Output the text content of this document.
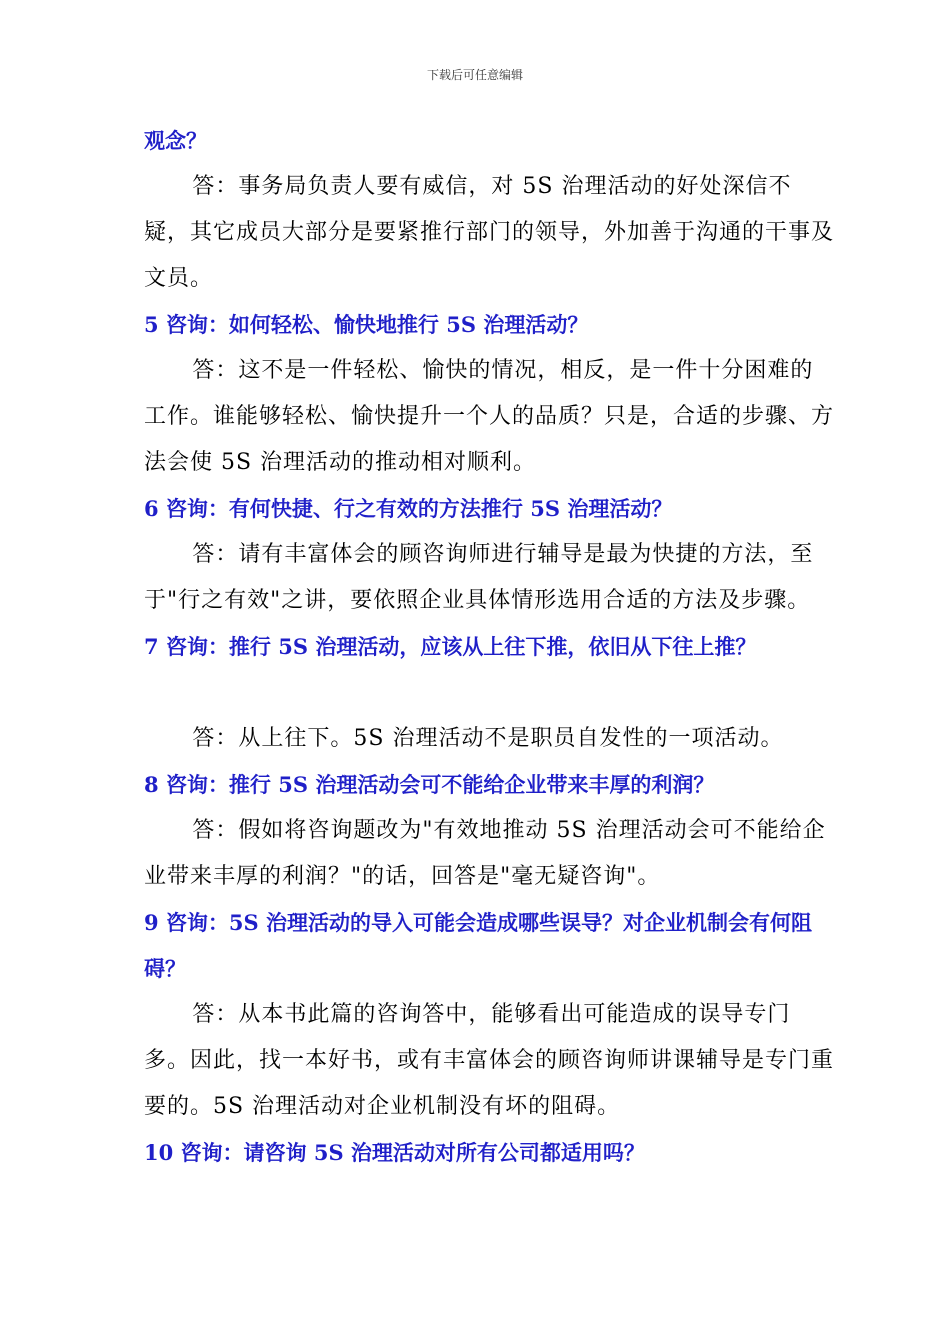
下载后可任意编辑

观念？

答：事务局负责人要有威信，对 5S 治理活动的好处深信不疑，其它成员大部分是要紧推行部门的领导，外加善于沟通的干事及文员。

5 咨询：如何轻松、愉快地推行 5S 治理活动？

答：这不是一件轻松、愉快的情况，相反，是一件十分困难的工作。谁能够轻松、愉快提升一个人的品质？只是，合适的步骤、方法会使 5S 治理活动的推动相对顺利。

6 咨询：有何快捷、行之有效的方法推行 5S 治理活动？

答：请有丰富体会的顾咨询师进行辅导是最为快捷的方法，至于"行之有效"之讲，要依照企业具体情形选用合适的方法及步骤。

7 咨询：推行 5S 治理活动，应该从上往下推，依旧从下往上推？

答：从上往下。5S 治理活动不是职员自发性的一项活动。

8 咨询：推行 5S 治理活动会可不能给企业带来丰厚的利润？

答：假如将咨询题改为"有效地推动 5S 治理活动会可不能给企业带来丰厚的利润？"的话，回答是"毫无疑咨询"。

9 咨询：5S 治理活动的导入可能会造成哪些误导？对企业机制会有何阻碍？

答：从本书此篇的咨询答中，能够看出可能造成的误导专门多。因此，找一本好书，或有丰富体会的顾咨询师讲课辅导是专门重要的。5S 治理活动对企业机制没有坏的阻碍。

10 咨询：请咨询 5S 治理活动对所有公司都适用吗？
